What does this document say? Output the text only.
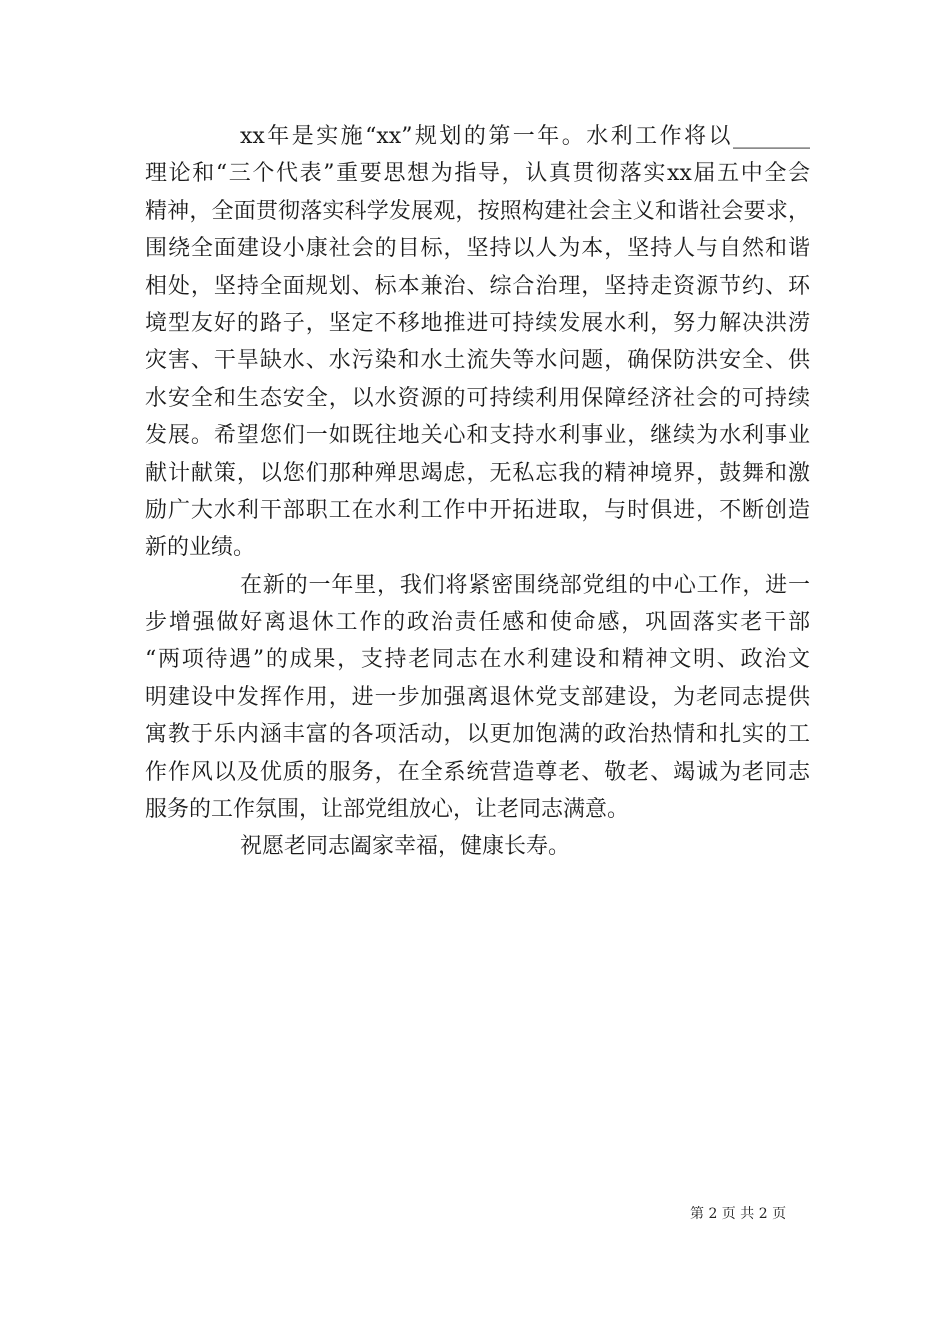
xx年是实施“xx”规划的第一年。水利工作将以_______
理论和“三个代表”重要思想为指导，认真贯彻落实xx届五中全会
精神，全面贯彻落实科学发展观，按照构建社会主义和谐社会要求，
围绕全面建设小康社会的目标，坚持以人为本，坚持人与自然和谐
相处，坚持全面规划、标本兼治、综合治理，坚持走资源节约、环
境型友好的路子，坚定不移地推进可持续发展水利，努力解决洪涝
灾害、干旱缺水、水污染和水土流失等水问题，确保防洪安全、供
水安全和生态安全，以水资源的可持续利用保障经济社会的可持续
发展。希望您们一如既往地关心和支持水利事业，继续为水利事业
献计献策，以您们那种殚思竭虑，无私忘我的精神境界，鼓舞和激
励广大水利干部职工在水利工作中开拓进取，与时俱进，不断创造
新的业绩。
在新的一年里，我们将紧密围绕部党组的中心工作，进一
步增强做好离退休工作的政治责任感和使命感，巩固落实老干部
“两项待遇”的成果，支持老同志在水利建设和精神文明、政治文
明建设中发挥作用，进一步加强离退休党支部建设，为老同志提供
寓教于乐内涵丰富的各项活动，以更加饱满的政治热情和扎实的工
作作风以及优质的服务，在全系统营造尊老、敬老、竭诚为老同志
服务的工作氛围，让部党组放心，让老同志满意。
祝愿老同志阖家幸福，健康长寿。
第 2 页 共 2 页
